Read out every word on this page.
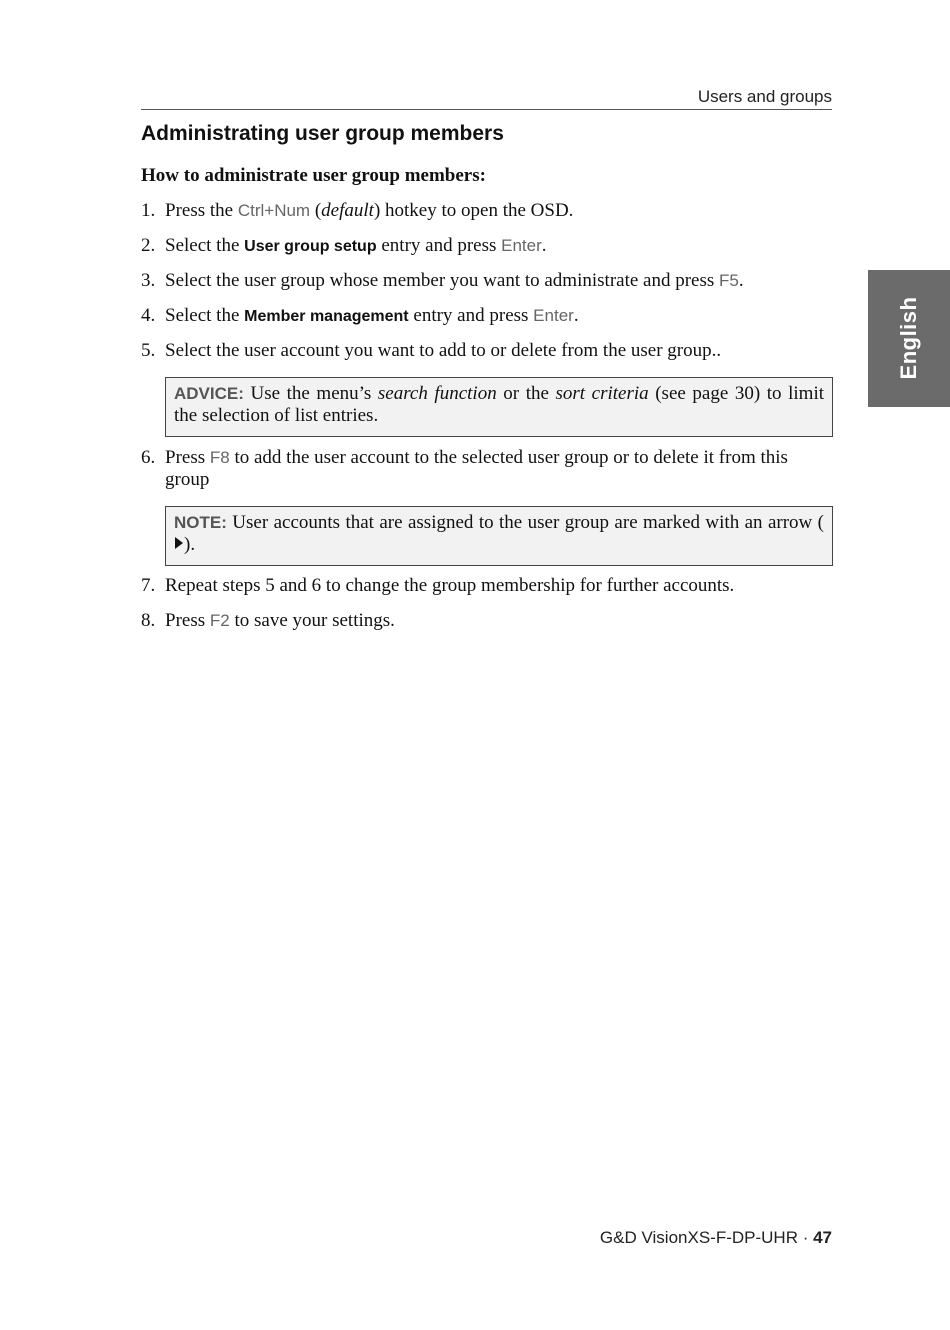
Users and groups
English
Administrating user group members

How to administrate user group members:

1. Press the Ctrl+Num (default) hotkey to open the OSD.
2. Select the User group setup entry and press Enter.
3. Select the user group whose member you want to administrate and press F5.
4. Select the Member management entry and press Enter.
5. Select the user account you want to add to or delete from the user group..
ADVICE: Use the menu’s search function or the sort criteria (see page 30) to limit the selection of list entries.
6. Press F8 to add the user account to the selected user group or to delete it from this group
NOTE: User accounts that are assigned to the user group are marked with an arrow ().
7. Repeat steps 5 and 6 to change the group membership for further accounts.
8. Press F2 to save your settings.
G&D VisionXS-F-DP-UHR · 47
